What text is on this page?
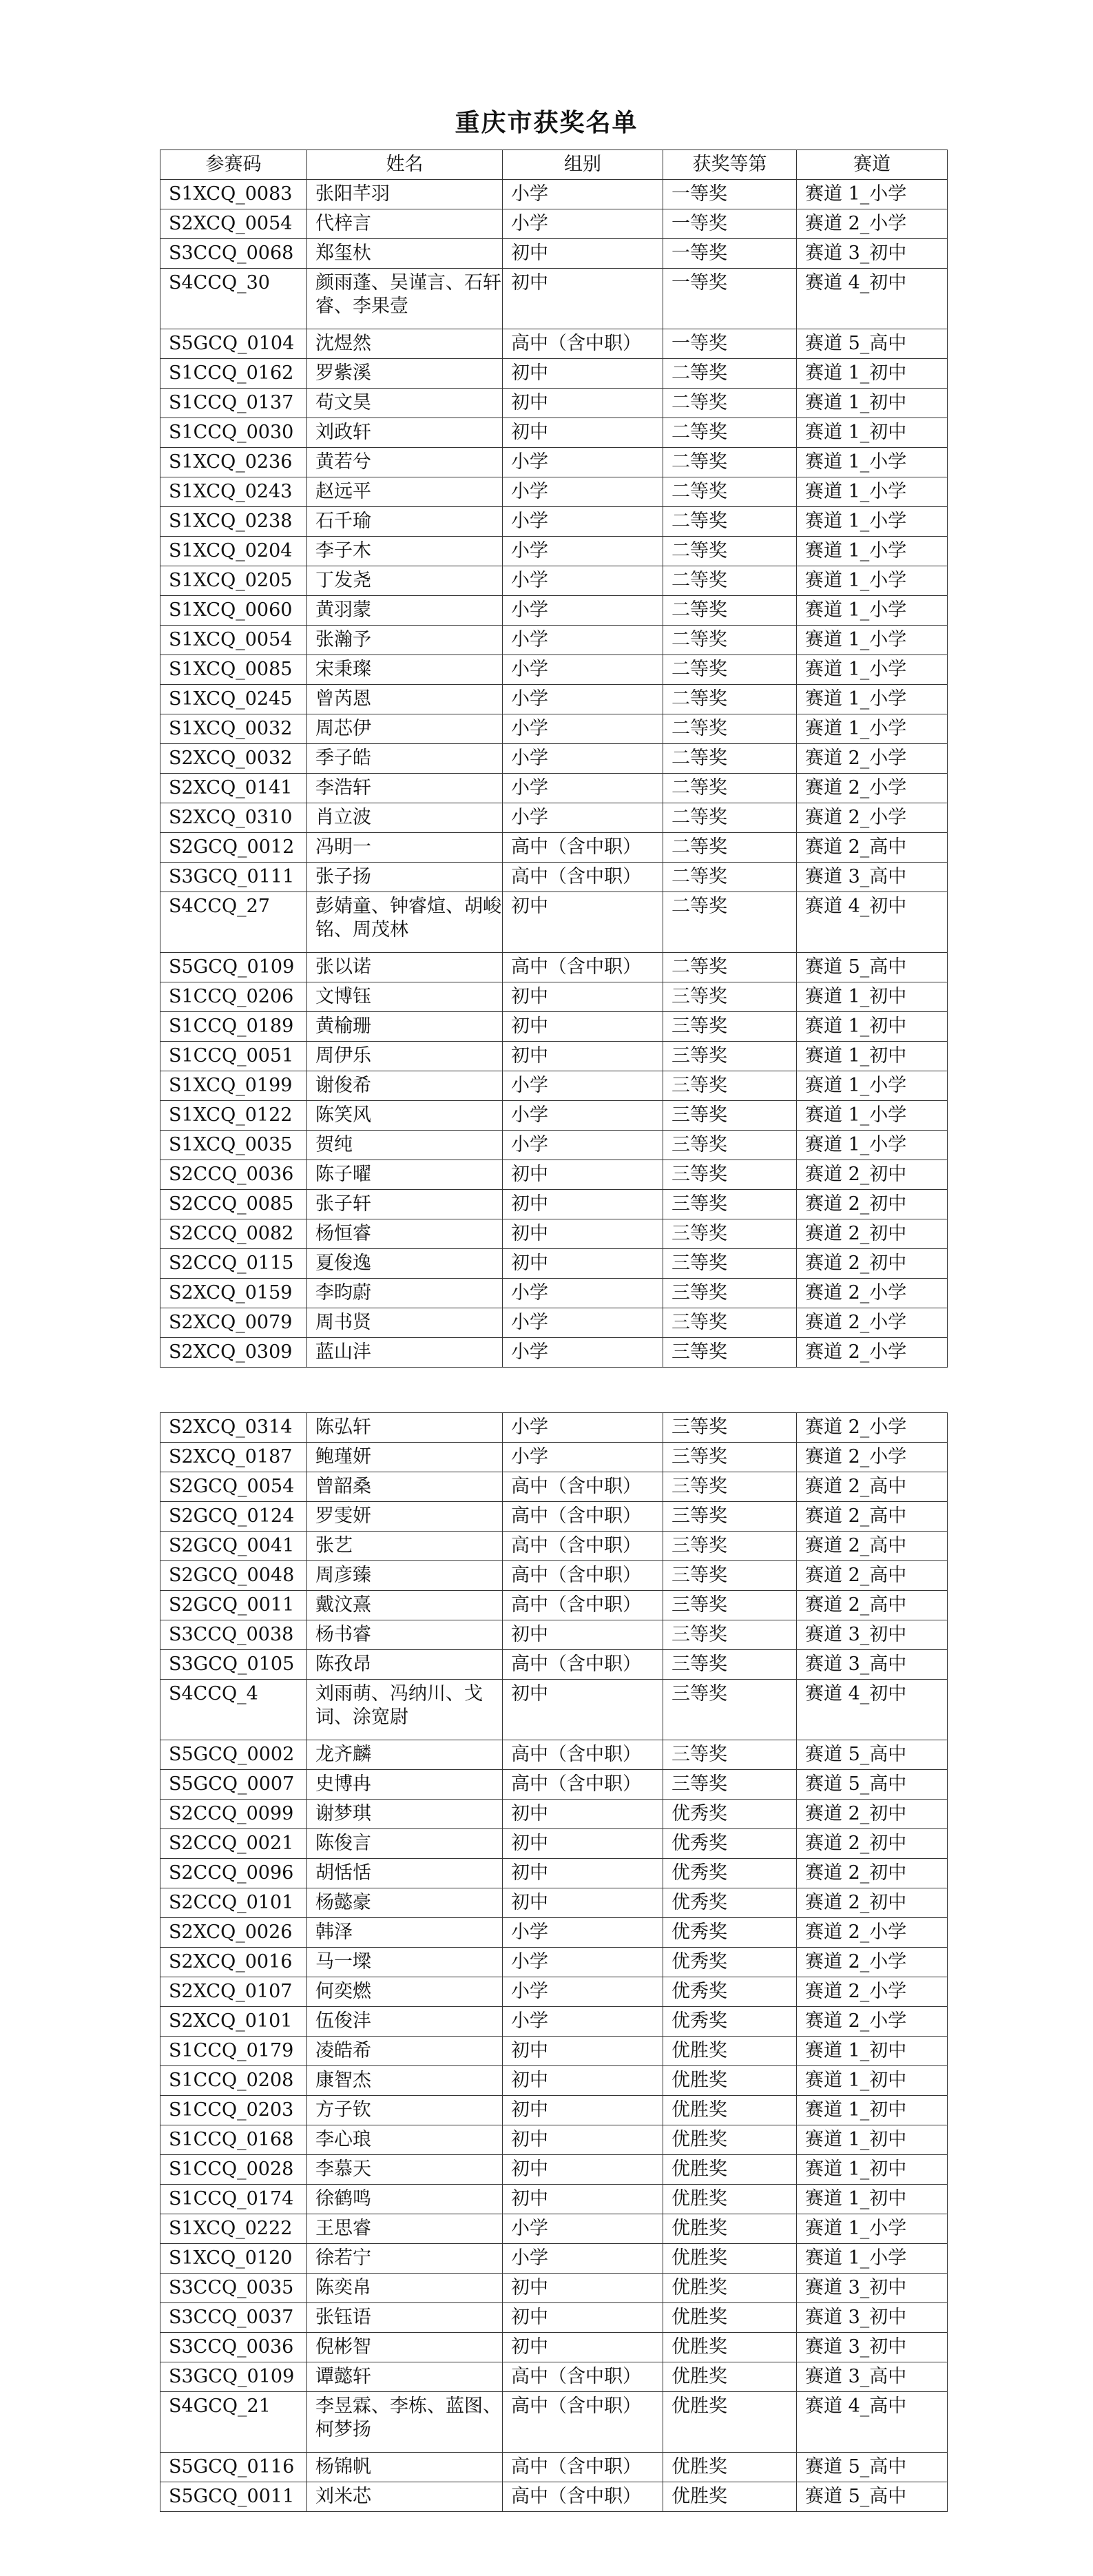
重庆市获奖名单
参赛码	姓名	组别	获奖等第	赛道
S1XCQ_0083	张阳芊羽	小学	一等奖	赛道 1_小学
S2XCQ_0054	代梓言	小学	一等奖	赛道 2_小学
S3CCQ_0068	郑玺杕	初中	一等奖	赛道 3_初中
S4CCQ_30	颜雨蓬、吴谨言、石轩睿、李果壹	初中	一等奖	赛道 4_初中
S5GCQ_0104	沈煜然	高中（含中职）	一等奖	赛道 5_高中
S1CCQ_0162	罗紫溪	初中	二等奖	赛道 1_初中
S1CCQ_0137	苟文昊	初中	二等奖	赛道 1_初中
S1CCQ_0030	刘政轩	初中	二等奖	赛道 1_初中
S1XCQ_0236	黄若兮	小学	二等奖	赛道 1_小学
S1XCQ_0243	赵远平	小学	二等奖	赛道 1_小学
S1XCQ_0238	石千瑜	小学	二等奖	赛道 1_小学
S1XCQ_0204	李子木	小学	二等奖	赛道 1_小学
S1XCQ_0205	丁发尧	小学	二等奖	赛道 1_小学
S1XCQ_0060	黄羽蒙	小学	二等奖	赛道 1_小学
S1XCQ_0054	张瀚予	小学	二等奖	赛道 1_小学
S1XCQ_0085	宋秉璨	小学	二等奖	赛道 1_小学
S1XCQ_0245	曾芮恩	小学	二等奖	赛道 1_小学
S1XCQ_0032	周芯伊	小学	二等奖	赛道 1_小学
S2XCQ_0032	季子皓	小学	二等奖	赛道 2_小学
S2XCQ_0141	李浩轩	小学	二等奖	赛道 2_小学
S2XCQ_0310	肖立波	小学	二等奖	赛道 2_小学
S2GCQ_0012	冯明一	高中（含中职）	二等奖	赛道 2_高中
S3GCQ_0111	张子扬	高中（含中职）	二等奖	赛道 3_高中
S4CCQ_27	彭婧童、钟睿煊、胡峻铭、周茂林	初中	二等奖	赛道 4_初中
S5GCQ_0109	张以诺	高中（含中职）	二等奖	赛道 5_高中
S1CCQ_0206	文博钰	初中	三等奖	赛道 1_初中
S1CCQ_0189	黄榆珊	初中	三等奖	赛道 1_初中
S1CCQ_0051	周伊乐	初中	三等奖	赛道 1_初中
S1XCQ_0199	谢俊希	小学	三等奖	赛道 1_小学
S1XCQ_0122	陈笑风	小学	三等奖	赛道 1_小学
S1XCQ_0035	贺纯	小学	三等奖	赛道 1_小学
S2CCQ_0036	陈子曜	初中	三等奖	赛道 2_初中
S2CCQ_0085	张子轩	初中	三等奖	赛道 2_初中
S2CCQ_0082	杨恒睿	初中	三等奖	赛道 2_初中
S2CCQ_0115	夏俊逸	初中	三等奖	赛道 2_初中
S2XCQ_0159	李昀蔚	小学	三等奖	赛道 2_小学
S2XCQ_0079	周书贤	小学	三等奖	赛道 2_小学
S2XCQ_0309	蓝山沣	小学	三等奖	赛道 2_小学
S2XCQ_0314	陈弘轩	小学	三等奖	赛道 2_小学
S2XCQ_0187	鲍瑾妍	小学	三等奖	赛道 2_小学
S2GCQ_0054	曾韶桑	高中（含中职）	三等奖	赛道 2_高中
S2GCQ_0124	罗雯妍	高中（含中职）	三等奖	赛道 2_高中
S2GCQ_0041	张艺	高中（含中职）	三等奖	赛道 2_高中
S2GCQ_0048	周彦臻	高中（含中职）	三等奖	赛道 2_高中
S2GCQ_0011	戴汶熹	高中（含中职）	三等奖	赛道 2_高中
S3CCQ_0038	杨书睿	初中	三等奖	赛道 3_初中
S3GCQ_0105	陈孜昂	高中（含中职）	三等奖	赛道 3_高中
S4CCQ_4	刘雨萌、冯纳川、戈词、涂宽尉	初中	三等奖	赛道 4_初中
S5GCQ_0002	龙齐麟	高中（含中职）	三等奖	赛道 5_高中
S5GCQ_0007	史博冉	高中（含中职）	三等奖	赛道 5_高中
S2CCQ_0099	谢梦琪	初中	优秀奖	赛道 2_初中
S2CCQ_0021	陈俊言	初中	优秀奖	赛道 2_初中
S2CCQ_0096	胡恬恬	初中	优秀奖	赛道 2_初中
S2CCQ_0101	杨懿豪	初中	优秀奖	赛道 2_初中
S2XCQ_0026	韩泽	小学	优秀奖	赛道 2_小学
S2XCQ_0016	马一墚	小学	优秀奖	赛道 2_小学
S2XCQ_0107	何奕燃	小学	优秀奖	赛道 2_小学
S2XCQ_0101	伍俊沣	小学	优秀奖	赛道 2_小学
S1CCQ_0179	凌皓希	初中	优胜奖	赛道 1_初中
S1CCQ_0208	康智杰	初中	优胜奖	赛道 1_初中
S1CCQ_0203	方子钦	初中	优胜奖	赛道 1_初中
S1CCQ_0168	李心琅	初中	优胜奖	赛道 1_初中
S1CCQ_0028	李慕天	初中	优胜奖	赛道 1_初中
S1CCQ_0174	徐鹤鸣	初中	优胜奖	赛道 1_初中
S1XCQ_0222	王思睿	小学	优胜奖	赛道 1_小学
S1XCQ_0120	徐若宁	小学	优胜奖	赛道 1_小学
S3CCQ_0035	陈奕帛	初中	优胜奖	赛道 3_初中
S3CCQ_0037	张钰语	初中	优胜奖	赛道 3_初中
S3CCQ_0036	倪彬智	初中	优胜奖	赛道 3_初中
S3GCQ_0109	谭懿轩	高中（含中职）	优胜奖	赛道 3_高中
S4GCQ_21	李昱霖、李栋、蓝图、柯梦扬	高中（含中职）	优胜奖	赛道 4_高中
S5GCQ_0116	杨锦帆	高中（含中职）	优胜奖	赛道 5_高中
S5GCQ_0011	刘米芯	高中（含中职）	优胜奖	赛道 5_高中
